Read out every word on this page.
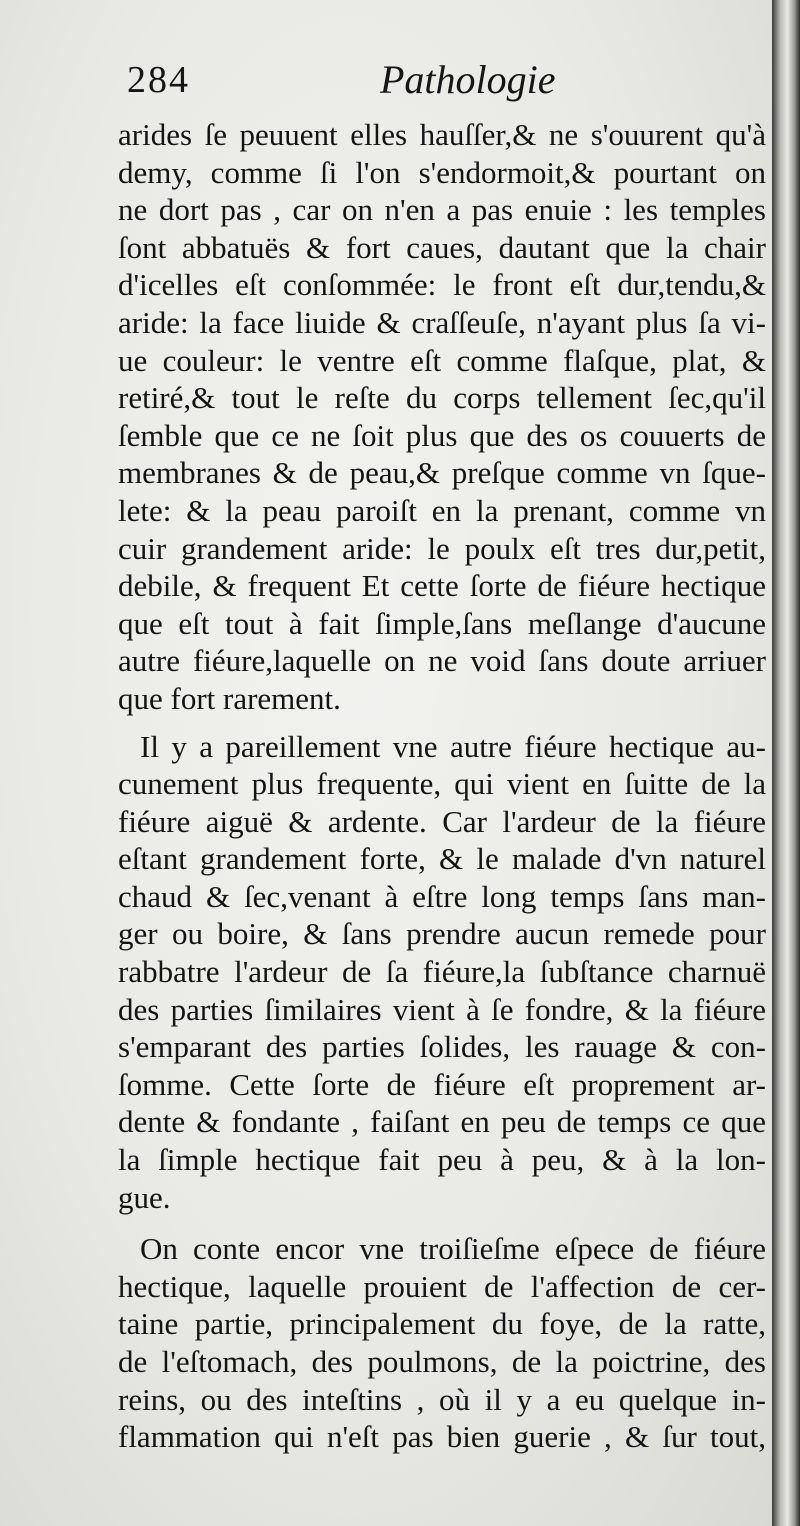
284	Pathologie
arides ſe peuuent elles hauſſer,& ne s'ouurent qu'à
demy, comme ſi l'on s'endormoit,& pourtant on
ne dort pas , car on n'en a pas enuie : les temples
ſont abbatuës & fort caues, dautant que la chair
d'icelles eſt conſommée: le front eſt dur,tendu,&
aride: la face liuide & craſſeuſe, n'ayant plus ſa vi-
ue couleur: le ventre eſt comme flaſque, plat, &
retiré,& tout le reſte du corps tellement ſec,qu'il
ſemble que ce ne ſoit plus que des os couuerts de
membranes & de peau,& preſque comme vn ſque-
lete: & la peau paroiſt en la prenant, comme vn
cuir grandement aride: le poulx eſt tres dur,petit,
debile, & frequent Et cette ſorte de fiéure hectique
que eſt tout à fait ſimple,ſans meſlange d'aucune
autre fiéure,laquelle on ne void ſans doute arriuer
que fort rarement.
Il y a pareillement vne autre fiéure hectique au-
cunement plus frequente, qui vient en ſuitte de la
fiéure aiguë & ardente. Car l'ardeur de la fiéure
eſtant grandement forte, & le malade d'vn naturel
chaud & ſec,venant à eſtre long temps ſans man-
ger ou boire, & ſans prendre aucun remede pour
rabbatre l'ardeur de ſa fiéure,la ſubſtance charnuë
des parties ſimilaires vient à ſe fondre, & la fiéure
s'emparant des parties ſolides, les rauage & con-
ſomme. Cette ſorte de fiéure eſt proprement ar-
dente & fondante , faiſant en peu de temps ce que
la ſimple hectique fait peu à peu, & à la lon-
gue.
On conte encor vne troiſieſme eſpece de fiéure
hectique, laquelle prouient de l'affection de cer-
taine partie, principalement du foye, de la ratte,
de l'eſtomach, des poulmons, de la poictrine, des
reins, ou des inteſtins , où il y a eu quelque in-
flammation qui n'eſt pas bien guerie , & ſur tout,
